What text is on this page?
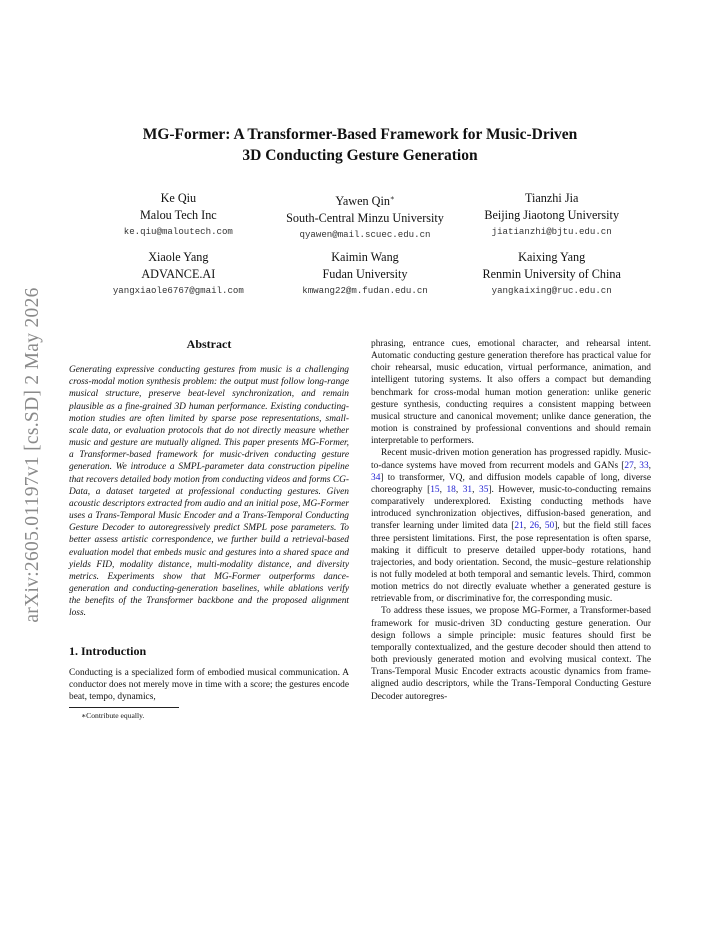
arXiv:2605.01197v1 [cs.SD] 2 May 2026
MG-Former: A Transformer-Based Framework for Music-Driven
3D Conducting Gesture Generation
Ke Qiu
Malou Tech Inc
ke.qiu@maloutech.com
Yawen Qin∗
South-Central Minzu University
qyawen@mail.scuec.edu.cn
Tianzhi Jia
Beijing Jiaotong University
jiatianzhi@bjtu.edu.cn
Xiaole Yang
ADVANCE.AI
yangxiaole6767@gmail.com
Kaimin Wang
Fudan University
kmwang22@m.fudan.edu.cn
Kaixing Yang
Renmin University of China
yangkaixing@ruc.edu.cn
Abstract

Generating expressive conducting gestures from music is a challenging cross-modal motion synthesis problem: the output must follow long-range musical structure, preserve beat-level synchronization, and remain plausible as a fine-grained 3D human performance. Existing conducting-motion studies are often limited by sparse pose representations, small-scale data, or evaluation protocols that do not directly measure whether music and gesture are mutually aligned. This paper presents MG-Former, a Transformer-based framework for music-driven conducting gesture generation. We introduce a SMPL-parameter data construction pipeline that recovers detailed body motion from conducting videos and forms CG-Data, a dataset targeted at professional conducting gestures. Given acoustic descriptors extracted from audio and an initial pose, MG-Former uses a Trans-Temporal Music Encoder and a Trans-Temporal Conducting Gesture Decoder to autoregressively predict SMPL pose parameters. To better assess artistic correspondence, we further build a retrieval-based evaluation model that embeds music and gestures into a shared space and yields FID, modality distance, multi-modality distance, and diversity metrics. Experiments show that MG-Former outperforms dance-generation and conducting-generation baselines, while ablations verify the benefits of the Transformer backbone and the proposed alignment loss.

1. Introduction

Conducting is a specialized form of embodied musical communication. A conductor does not merely move in time with a score; the gestures encode beat, tempo, dynamics,

∗Contribute equally.

phrasing, entrance cues, emotional character, and rehearsal intent. Automatic conducting gesture generation therefore has practical value for choir rehearsal, music education, virtual performance, animation, and intelligent tutoring systems. It also offers a compact but demanding benchmark for cross-modal human motion generation: unlike generic gesture synthesis, conducting requires a consistent mapping between musical structure and canonical movement; unlike dance generation, the motion is constrained by professional conventions and should remain interpretable to performers.

Recent music-driven motion generation has progressed rapidly. Music-to-dance systems have moved from recurrent models and GANs [27, 33, 34] to transformer, VQ, and diffusion models capable of long, diverse choreography [15, 18, 31, 35]. However, music-to-conducting remains comparatively underexplored. Existing conducting methods have introduced synchronization objectives, diffusion-based generation, and transfer learning under limited data [21, 26, 50], but the field still faces three persistent limitations. First, the pose representation is often sparse, making it difficult to preserve detailed upper-body rotations, hand trajectories, and body orientation. Second, the music–gesture relationship is not fully modeled at both temporal and semantic levels. Third, common motion metrics do not directly evaluate whether a generated gesture is retrievable from, or discriminative for, the corresponding music.

To address these issues, we propose MG-Former, a Transformer-based framework for music-driven 3D conducting gesture generation. Our design follows a simple principle: music features should first be temporally contextualized, and the gesture decoder should then attend to both previously generated motion and evolving musical context. The Trans-Temporal Music Encoder extracts acoustic dynamics from frame-aligned audio descriptors, while the Trans-Temporal Conducting Gesture Decoder autoregres-
